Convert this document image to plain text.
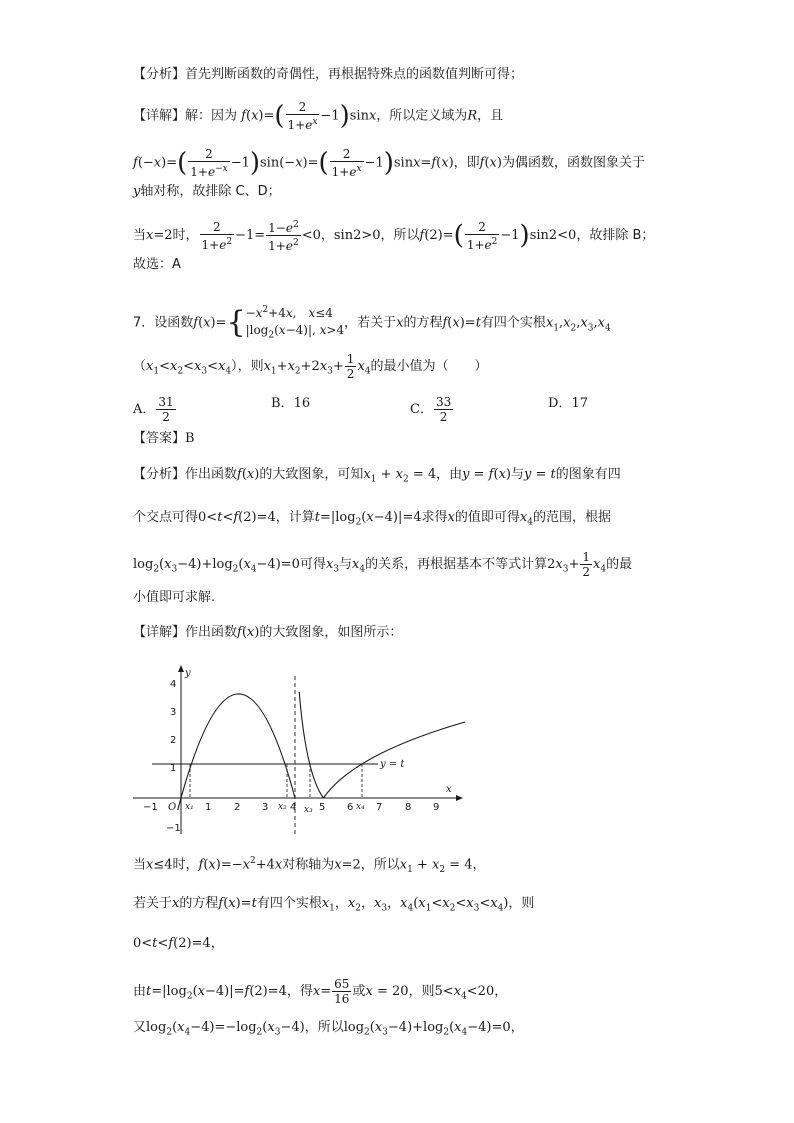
【分析】首先判断函数的奇偶性，再根据特殊点的函数值判断可得；
【详解】解：因为 $f(x)=( \frac{2}{1+e^x} -1)\sin x$，所以定义域为R，且
$f(-x)=( \frac{2}{1+e^{-x}} -1)\sin(-x)=( \frac{2}{1+e^x} -1)\sin x=f(x)$，即f(x)为偶函数，函数图象关于
y轴对称，故排除 C、D；
当x=2时， $\frac{2}{1+e^2} -1= \frac{1-e^2}{1+e^2} <0$，sin2>0，所以$f(2)=( \frac{2}{1+e^2} -1)\sin 2<0$，故排除 B；
故选：A
7．设函数$f(x)=\{ -x^2+4x$,　x≤4
$|\log_2(x-4)|$, x>4 ，若关于x的方程f(x)=t有四个实根$x_1,x_2,x_3,x_4$
$(x_1<x_2<x_3<x_4)$，则$x_1+x_2+2x_3+ \frac{1}{2} x_4$的最小值为（　　）
A． $\frac{31}{2}$	B．16	C． $\frac{33}{2}$	D．17
【答案】B
【分析】作出函数f(x)的大致图象，可知$x_1 + x_2 = 4$，由y = f(x)与y = t的图象有四
个交点可得0<t<f(2)=4，计算$t=|\log_2(x-4)|=4$求得x的值即可得$x_4$的范围，根据
$\log_2(x_3-4)+\log_2(x_4-4)=0$可得$x_3$与$x_4$的关系，再根据基本不等式计算$2x_3+ \frac{1}{2} x_4$的最
小值即可求解.
【详解】作出函数f(x)的大致图象，如图所示：
y
x
O
−1	1 2 3 4 5 6 7 8 9
4
3
2
1
−1
y = t
x₁	x₂ x₃	x₄
当x≤4时，$f(x)=-x^2+4x$对称轴为x=2，所以$x_1 + x_2 = 4$，
若关于x的方程f(x)=t有四个实根$x_1$，$x_2$，$x_3$，$x_4(x_1<x_2<x_3<x_4)$，则
0<t<f(2)=4，
由$t=|\log_2(x-4)|=f(2)=4$，得$x= \frac{65}{16}$ 或x = 20，则$5<x_4<20$，
又$\log_2(x_4-4)=-\log_2(x_3-4)$，所以$\log_2(x_3-4)+\log_2(x_4-4)=0$，
